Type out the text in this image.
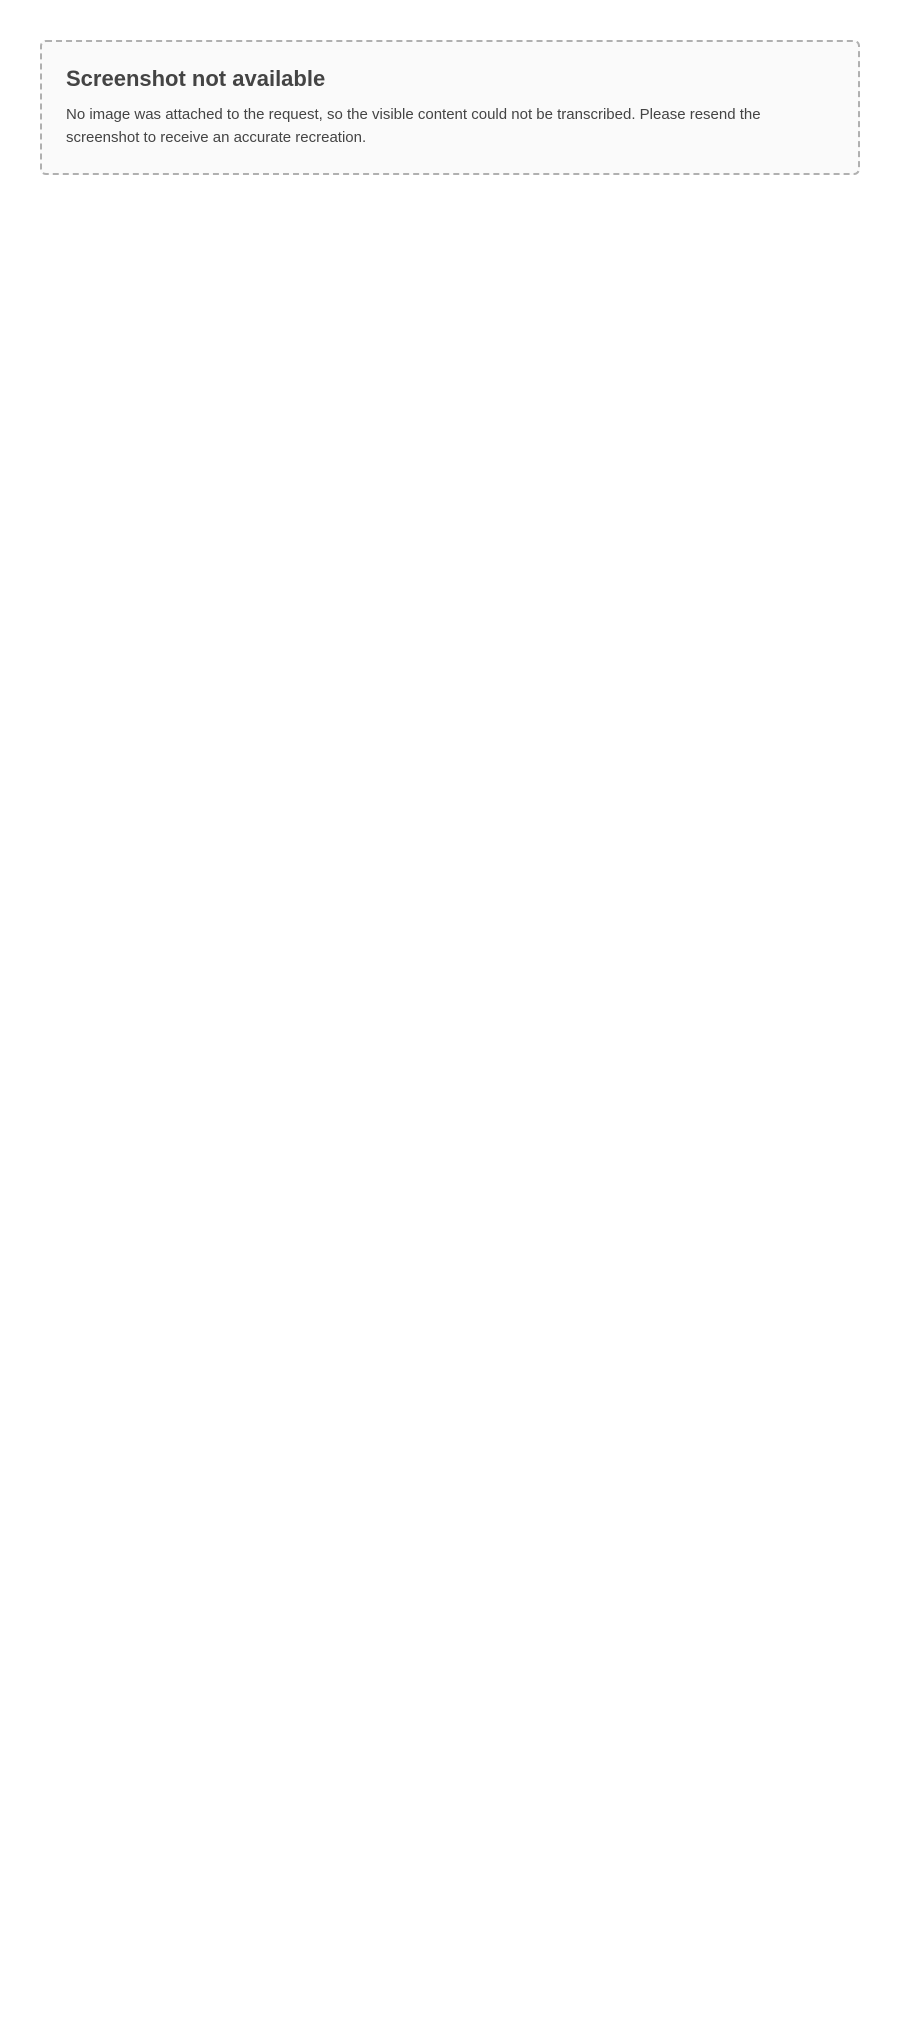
Screenshot not available

No image was attached to the request, so the visible content could not be transcribed. Please resend the screenshot to receive an accurate recreation.
